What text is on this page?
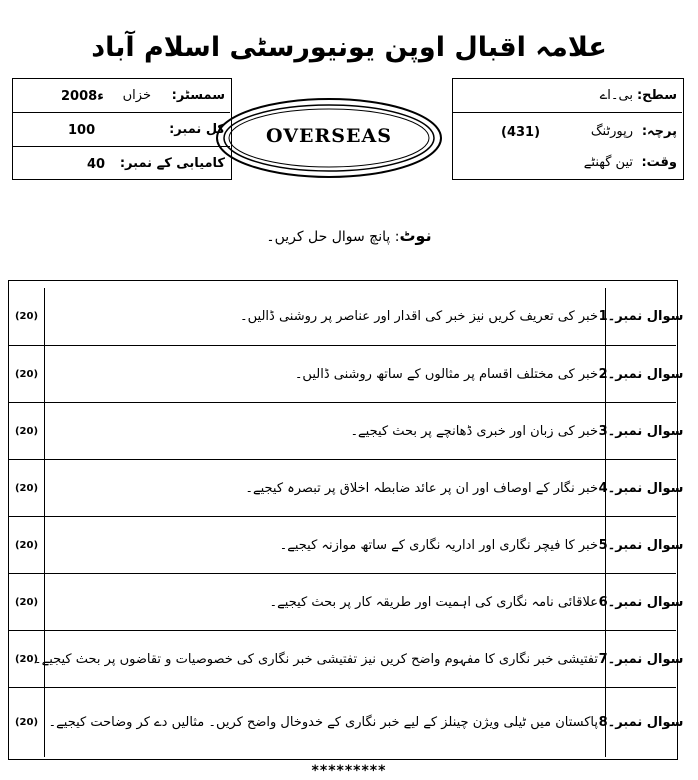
علامہ اقبال اوپن یونیورسٹی اسلام آباد
سمسٹر:
خزاں
2008ء
کل نمبر:
100
کامیابی کے نمبر:
40
OVERSEAS
سطح:
بی۔اے
پرچہ:
رپورٹنگ
(431)
وقت:
تین گھنٹے
نوٹ: پانچ سوال حل کریں۔
سوال نمبر۔1
خبر کی تعریف کریں نیز خبر کی اقدار اور عناصر پر روشنی ڈالیں۔
(20)
سوال نمبر۔2
خبر کی مختلف اقسام پر مثالوں کے ساتھ روشنی ڈالیں۔
(20)
سوال نمبر۔3
خبر کی زبان اور خبری ڈھانچے پر بحث کیجیے۔
(20)
سوال نمبر۔4
خبر نگار کے اوصاف اور ان پر عائد ضابطہ اخلاق پر تبصرہ کیجیے۔
(20)
سوال نمبر۔5
خبر کا فیچر نگاری اور اداریہ نگاری کے ساتھ موازنہ کیجیے۔
(20)
سوال نمبر۔6
علاقائی نامہ نگاری کی اہمیت اور طریقہ کار پر بحث کیجیے۔
(20)
سوال نمبر۔7
تفتیشی خبر نگاری کا مفہوم واضح کریں نیز تفتیشی خبر نگاری کی خصوصیات و تقاضوں پر بحث کیجیے۔
(20)
سوال نمبر۔8
پاکستان میں ٹیلی ویژن چینلز کے لیے خبر نگاری کے خدوخال واضح کریں۔ مثالیں دے کر وضاحت کیجیے۔
(20)
*********
